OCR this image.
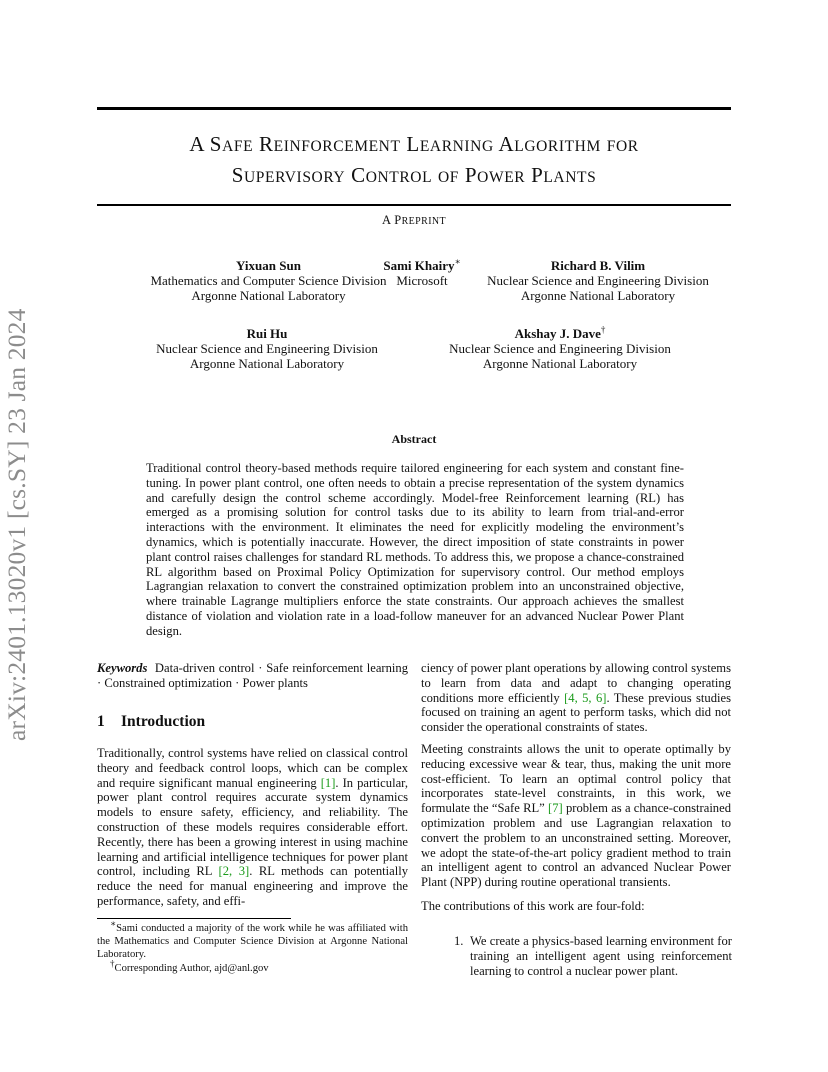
arXiv:2401.13020v1 [cs.SY] 23 Jan 2024
A SAFE REINFORCEMENT LEARNING ALGORITHM FOR
SUPERVISORY CONTROL OF POWER PLANTS
A PREPRINT
Yixuan Sun
Mathematics and Computer Science Division
Argonne National Laboratory
Sami Khairy∗
Microsoft
Richard B. Vilim
Nuclear Science and Engineering Division
Argonne National Laboratory
Rui Hu
Nuclear Science and Engineering Division
Argonne National Laboratory
Akshay J. Dave†
Nuclear Science and Engineering Division
Argonne National Laboratory
Abstract

Traditional control theory-based methods require tailored engineering for each system and constant fine-tuning. In power plant control, one often needs to obtain a precise representation of the system dynamics and carefully design the control scheme accordingly. Model-free Reinforcement learning (RL) has emerged as a promising solution for control tasks due to its ability to learn from trial-and-error interactions with the environment. It eliminates the need for explicitly modeling the environment’s dynamics, which is potentially inaccurate. However, the direct imposition of state constraints in power plant control raises challenges for standard RL methods. To address this, we propose a chance-constrained RL algorithm based on Proximal Policy Optimization for supervisory control. Our method employs Lagrangian relaxation to convert the constrained optimization problem into an unconstrained objective, where trainable Lagrange multipliers enforce the state constraints. Our approach achieves the smallest distance of violation and violation rate in a load-follow maneuver for an advanced Nuclear Power Plant design.

Keywords Data-driven control · Safe reinforcement learning · Constrained optimization · Power plants

1 Introduction

Traditionally, control systems have relied on classical control theory and feedback control loops, which can be complex and require significant manual engineering [1]. In particular, power plant control requires accurate system dynamics models to ensure safety, efficiency, and reliability. The construction of these models requires considerable effort. Recently, there has been a growing interest in using machine learning and artificial intelligence techniques for power plant control, including RL [2, 3]. RL methods can potentially reduce the need for manual engineering and improve the performance, safety, and effi-

∗Sami conducted a majority of the work while he was affiliated with the Mathematics and Computer Science Division at Argonne National Laboratory.
†Corresponding Author, ajd@anl.gov

ciency of power plant operations by allowing control systems to learn from data and adapt to changing operating conditions more efficiently [4, 5, 6]. These previous studies focused on training an agent to perform tasks, which did not consider the operational constraints of states.

Meeting constraints allows the unit to operate optimally by reducing excessive wear & tear, thus, making the unit more cost-efficient. To learn an optimal control policy that incorporates state-level constraints, in this work, we formulate the “Safe RL” [7] problem as a chance-constrained optimization problem and use Lagrangian relaxation to convert the problem to an unconstrained setting. Moreover, we adopt the state-of-the-art policy gradient method to train an intelligent agent to control an advanced Nuclear Power Plant (NPP) during routine operational transients.

The contributions of this work are four-fold:

1. We create a physics-based learning environment for training an intelligent agent using reinforcement learning to control a nuclear power plant.
